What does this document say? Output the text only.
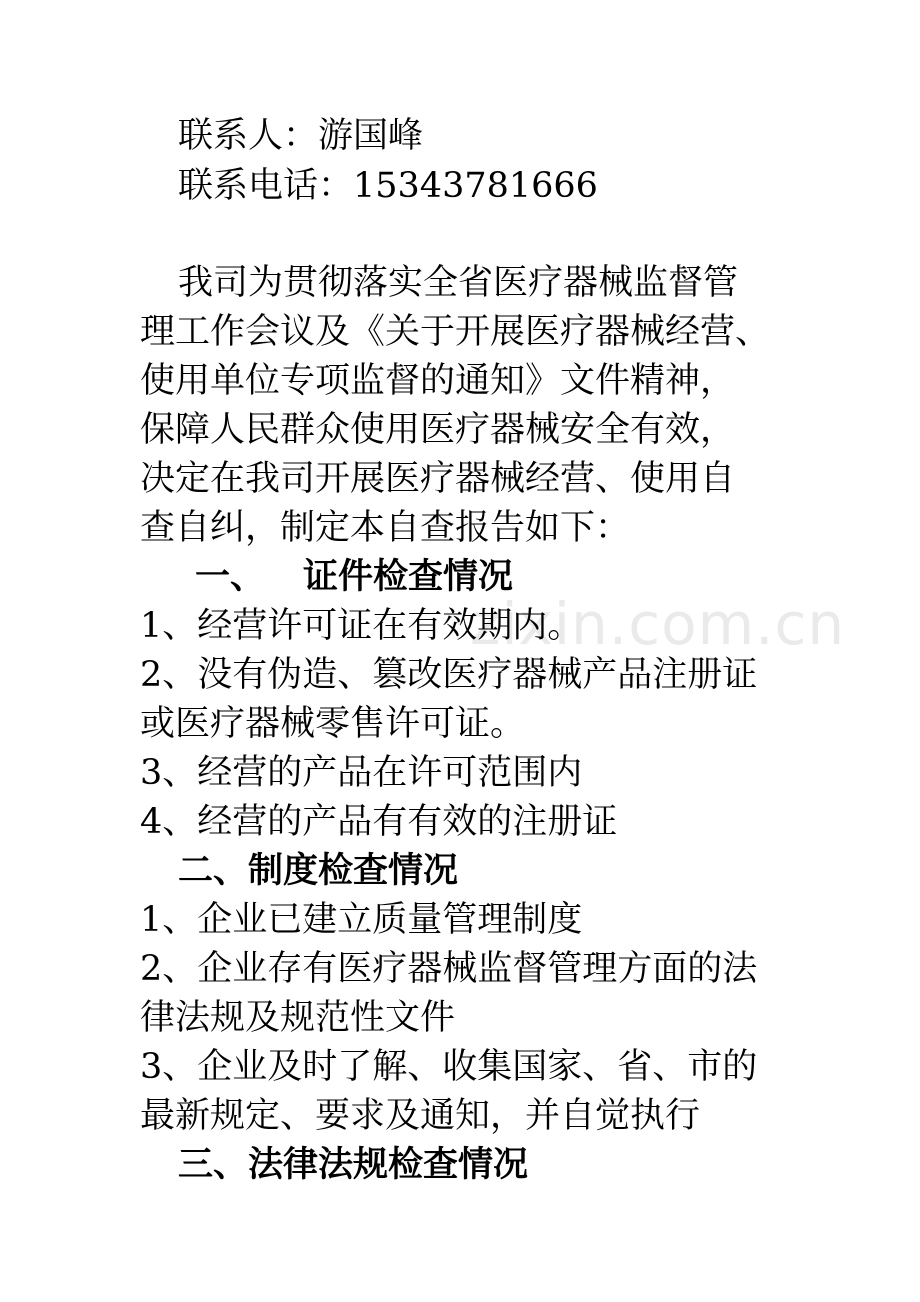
zixin.com.cn
联系人：游国峰
联系电话：15343781666
我司为贯彻落实全省医疗器械监督管
理工作会议及《关于开展医疗器械经营、
使用单位专项监督的通知》文件精神，
保障人民群众使用医疗器械安全有效，
决定在我司开展医疗器械经营、使用自
查自纠，制定本自查报告如下：
一、 证件检查情况
1、经营许可证在有效期内。
2、没有伪造、篡改医疗器械产品注册证
或医疗器械零售许可证。
3、经营的产品在许可范围内
4、经营的产品有有效的注册证
二、制度检查情况
1、企业已建立质量管理制度
2、企业存有医疗器械监督管理方面的法
律法规及规范性文件
3、企业及时了解、收集国家、省、市的
最新规定、要求及通知，并自觉执行
三、法律法规检查情况
